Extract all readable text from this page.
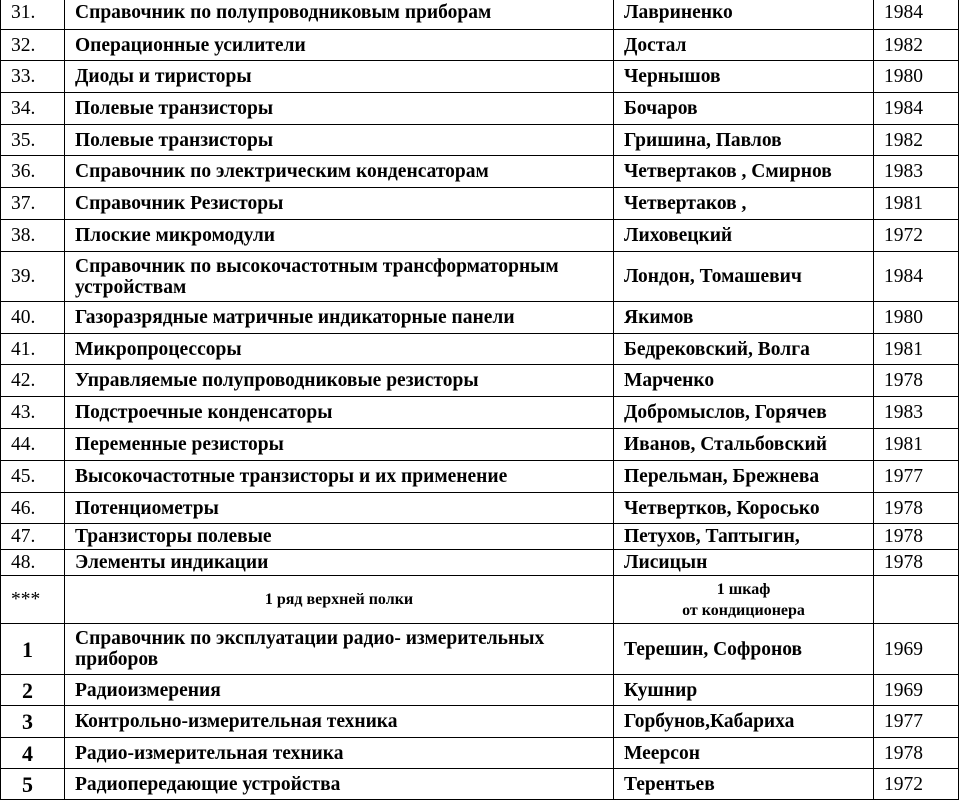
31.	Справочник по полупроводниковым приборам	Лавриненко	1984
32.	Операционные усилители	Достал	1982
33.	Диоды и тиристоры	Чернышов	1980
34.	Полевые транзисторы	Бочаров	1984
35.	Полевые транзисторы	Гришина, Павлов	1982
36.	Справочник по электрическим конденсаторам	Четвертаков , Смирнов	1983
37.	Справочник Резисторы	Четвертаков ,	1981
38.	Плоские микромодули	Лиховецкий	1972
39.	Справочник по высокочастотным трансформаторным устройствам	Лондон, Томашевич	1984
40.	Газоразрядные матричные индикаторные панели	Якимов	1980
41.	Микропроцессоры	Бедрековский, Волга	1981
42.	Управляемые полупроводниковые резисторы	Марченко	1978
43.	Подстроечные конденсаторы	Добромыслов, Горячев	1983
44.	Переменные резисторы	Иванов, Стальбовский	1981
45.	Высокочастотные транзисторы и их применение	Перельман, Брежнева	1977
46.	Потенциометры	Четвертков, Коросько	1978
47.	Транзисторы полевые	Петухов, Таптыгин,	1978
48.	Элементы индикации	Лисицын	1978
***	1 ряд верхней полки	1 шкаф
от кондиционера	

1	Справочник по эксплуатации радио- измерительных приборов	Терешин, Софронов	1969
2	Радиоизмерения	Кушнир	1969
3	Контрольно-измерительная техника	Горбунов,Кабариха	1977
4	Радио-измерительная техника	Меерсон	1978
5	Радиопередающие устройства	Терентьев	1972
